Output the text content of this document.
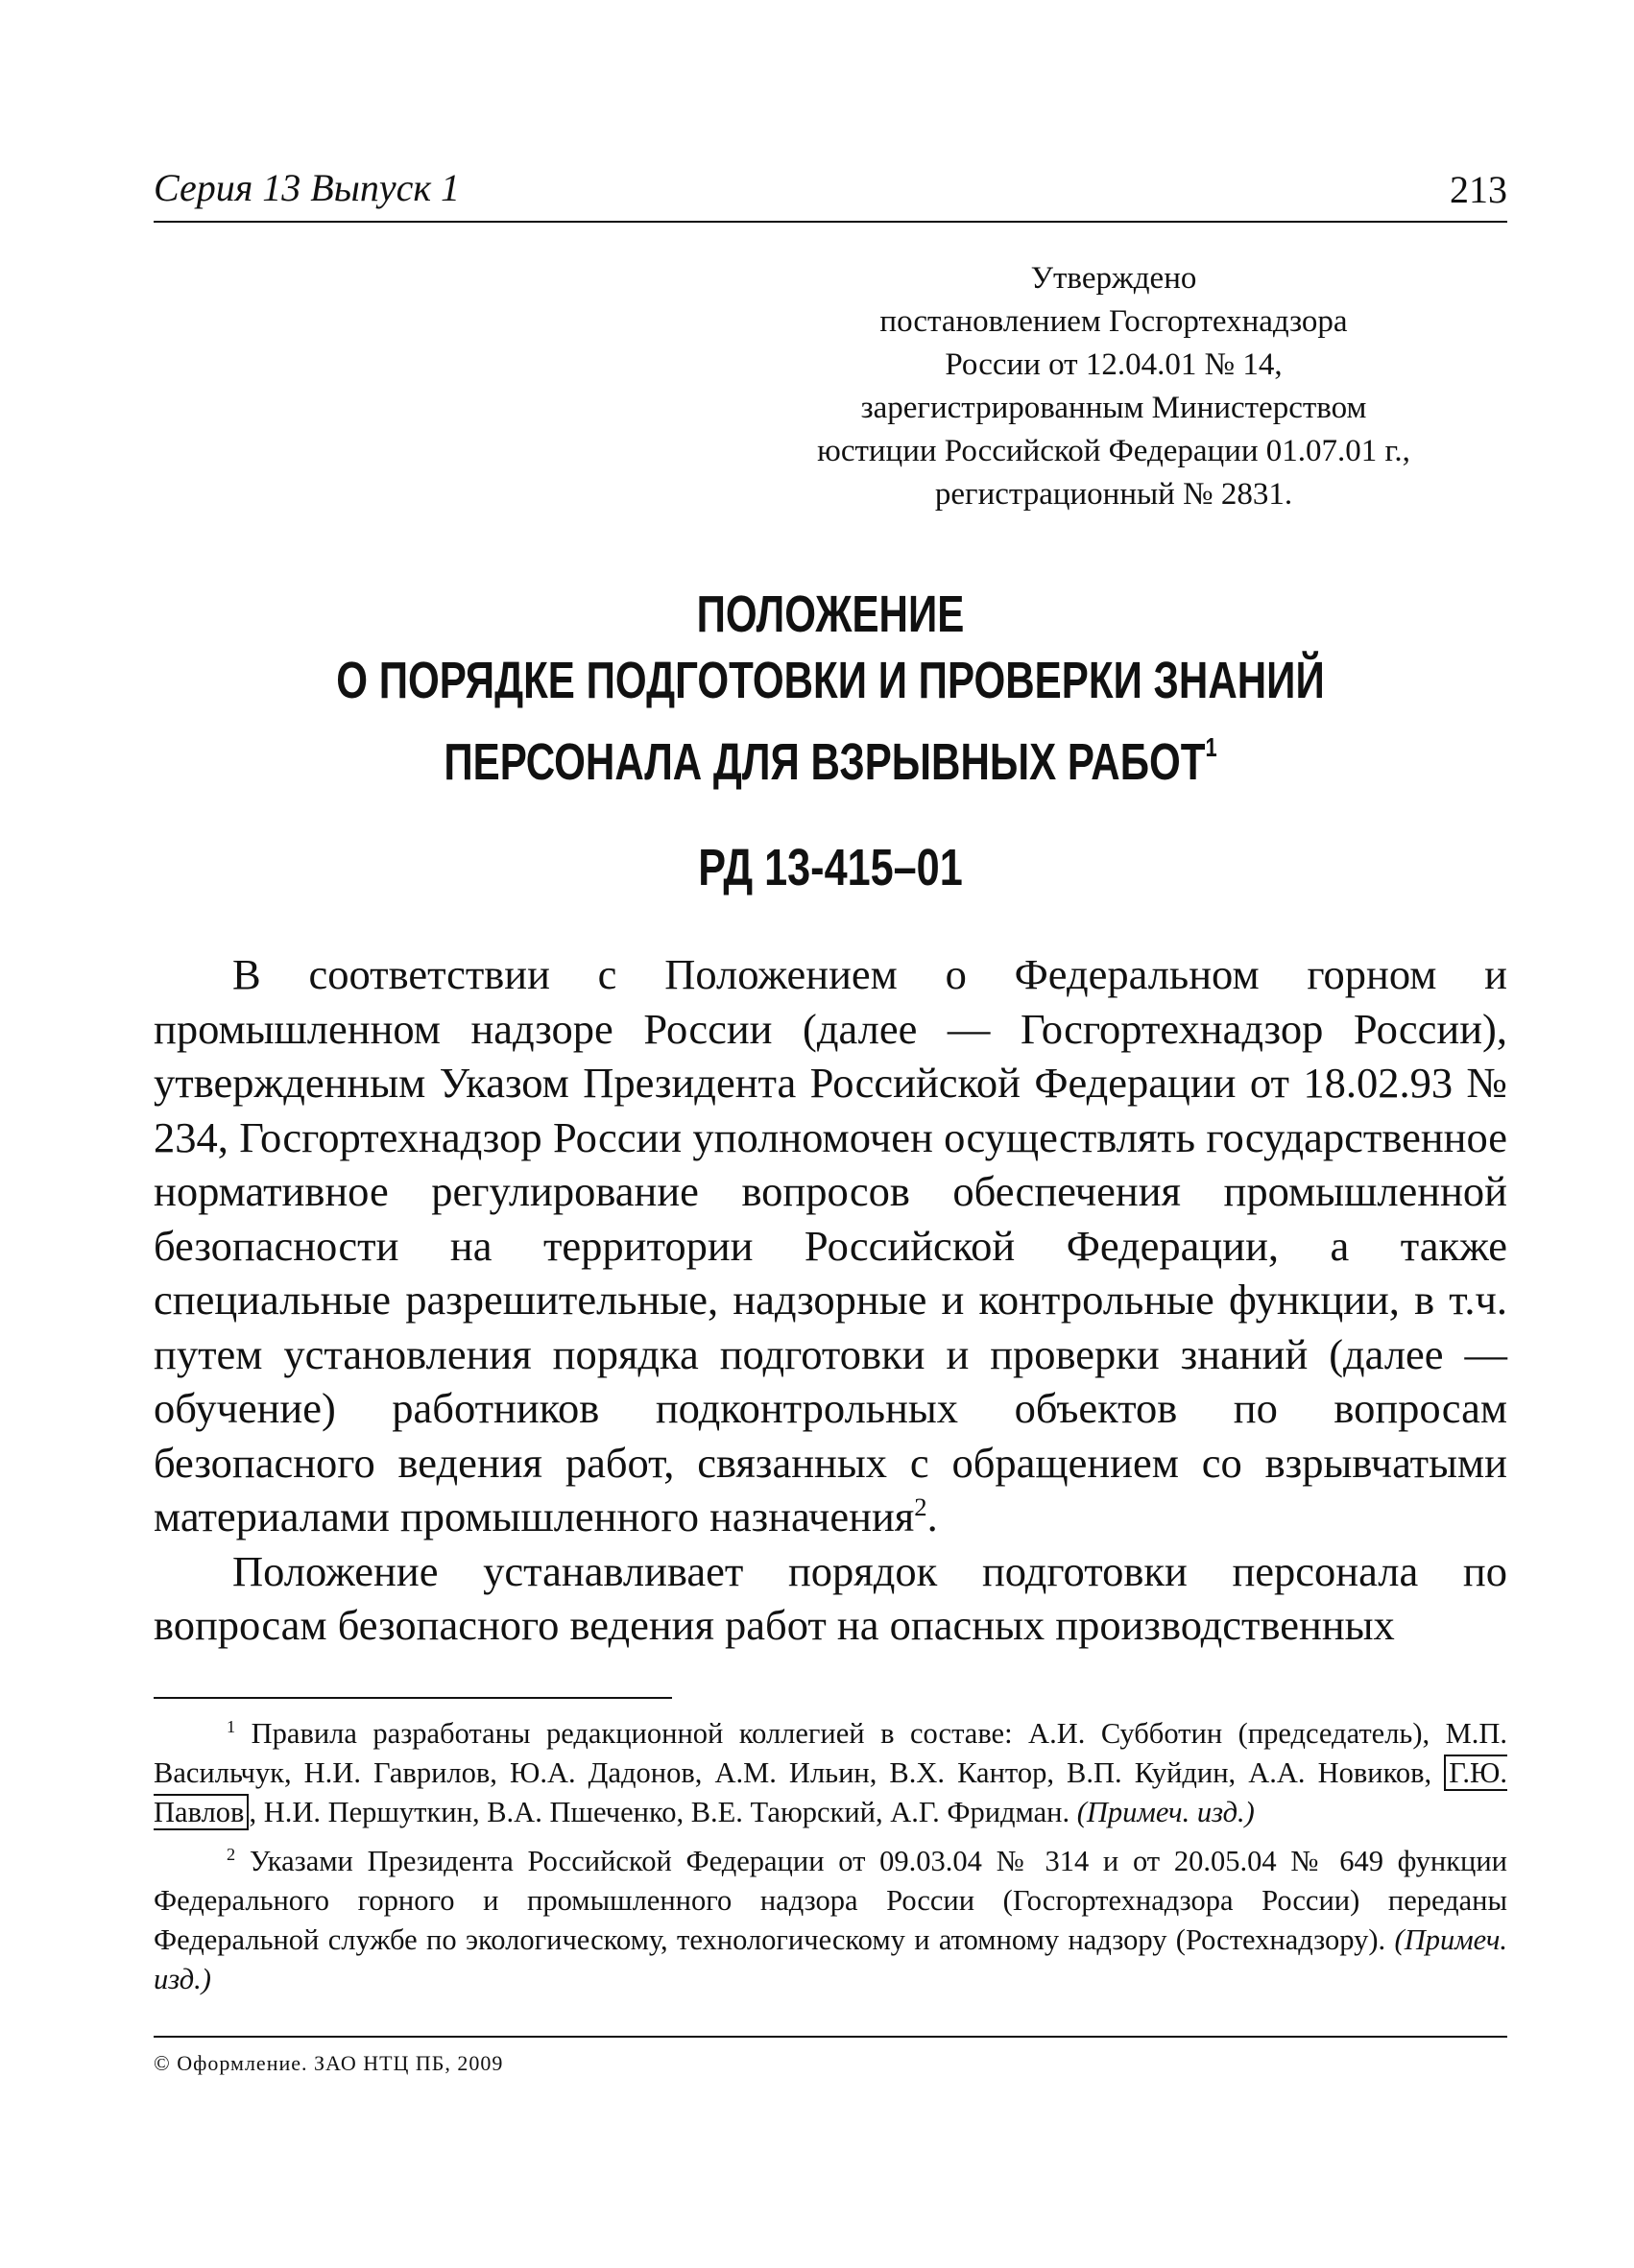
Серия 13 Выпуск 1	213
Утверждено
постановлением Госгортехнадзора
России от 12.04.01 № 14,
зарегистрированным Министерством
юстиции Российской Федерации 01.07.01 г.,
регистрационный № 2831.
ПОЛОЖЕНИЕ
О ПОРЯДКЕ ПОДГОТОВКИ И ПРОВЕРКИ ЗНАНИЙ
ПЕРСОНАЛА ДЛЯ ВЗРЫВНЫХ РАБОТ$^1$
РД 13-415–01

В соответствии с Положением о Федеральном горном и промышленном надзоре России (далее — Госгортехнадзор России), утвержденным Указом Президента Российской Федерации от 18.02.93 № 234, Госгортехнадзор России уполномочен осуществлять государственное нормативное регулирование вопросов обеспечения промышленной безопасности на территории Российской Федерации, а также специальные разрешительные, надзорные и контрольные функции, в т.ч. путем установления порядка подготовки и проверки знаний (далее — обучение) работников подконтрольных объектов по вопросам безопасного ведения работ, связанных с обращением со взрывчатыми материалами промышленного назначения$^2$.

Положение устанавливает порядок подготовки персонала по вопросам безопасного ведения работ на опасных производственных

$^1$ Правила разработаны редакционной коллегией в составе: А.И. Субботин (председатель), М.П. Васильчук, Н.И. Гаврилов, Ю.А. Дадонов, А.М. Ильин, В.Х. Кантор, В.П. Куйдин, А.А. Новиков, Г.Ю. Павлов , Н.И. Першуткин, В.А. Пшеченко, В.Е. Таюрский, А.Г. Фридман. (Примеч. изд.)

$^2$ Указами Президента Российской Федерации от 09.03.04 № 314 и от 20.05.04 № 649 функции Федерального горного и промышленного надзора России (Госгортехнадзора России) переданы Федеральной службе по экологическому, технологическому и атомному надзору (Ростехнадзору). (Примеч. изд.)

© Оформление. ЗАО НТЦ ПБ, 2009
